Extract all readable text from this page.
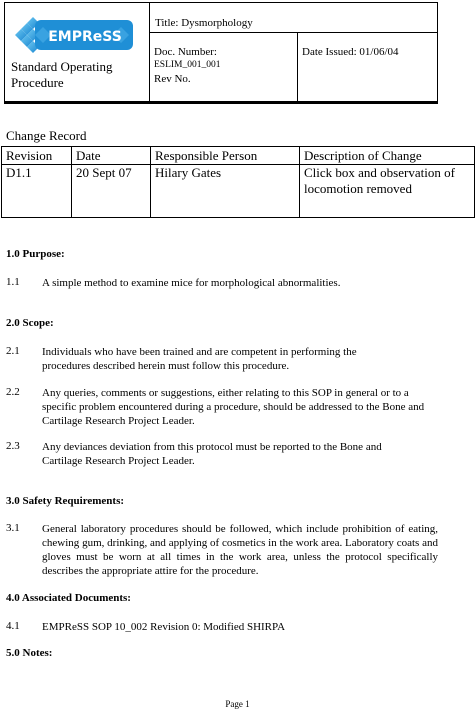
EMPReSS
Standard Operating Procedure
Title: Dysmorphology
Doc. Number:
ESLIM_001_001
Rev No.
Date Issued: 01/06/04
Change Record
Revision	Date	Responsible Person	Description of Change
D1.1	20 Sept 07	Hilary Gates	Click box and observation of locomotion removed
1.0 Purpose:
1.1 A simple method to examine mice for morphological abnormalities.
2.0 Scope:
2.1 Individuals who have been trained and are competent in performing the procedures described herein must follow this procedure.
2.2 Any queries, comments or suggestions, either relating to this SOP in general or to a specific problem encountered during a procedure, should be addressed to the Bone and Cartilage Research Project Leader.
2.3 Any deviances deviation from this protocol must be reported to the Bone and Cartilage Research Project Leader.
3.0 Safety Requirements:
3.1 General laboratory procedures should be followed, which include prohibition of eating, chewing gum, drinking, and applying of cosmetics in the work area. Laboratory coats and gloves must be worn at all times in the work area, unless the protocol specifically describes the appropriate attire for the procedure.
4.0 Associated Documents:
4.1 EMPReSS SOP 10_002 Revision 0: Modified SHIRPA
5.0 Notes:
Page 1
